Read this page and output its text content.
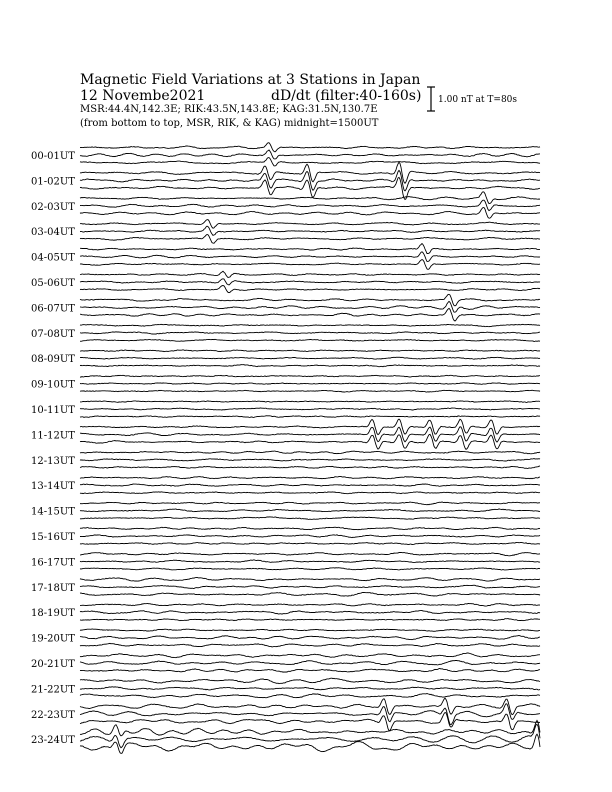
Magnetic Field Variations at 3 Stations in Japan
12 Novembe2021	dD/dt (filter:40-160s)
MSR:44.4N,142.3E; RIK:43.5N,143.8E; KAG:31.5N,130.7E
(from bottom to top, MSR, RIK, & KAG) midnight=1500UT
1.00 nT at T=80s
00-01UT
01-02UT
02-03UT
03-04UT
04-05UT
05-06UT
06-07UT
07-08UT
08-09UT
09-10UT
10-11UT
11-12UT
12-13UT
13-14UT
14-15UT
15-16UT
16-17UT
17-18UT
18-19UT
19-20UT
20-21UT
21-22UT
22-23UT
23-24UT
